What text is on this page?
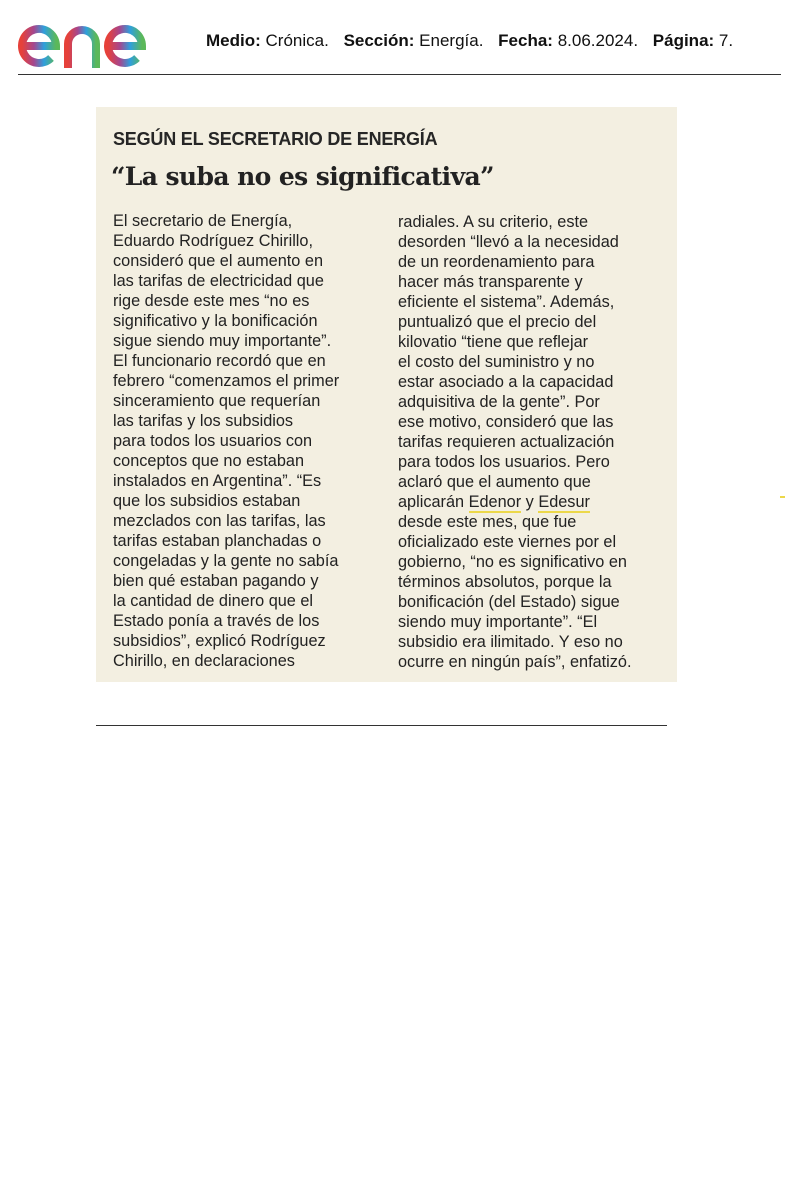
Medio: Crónica. Sección: Energía. Fecha: 8.06.2024. Página: 7.
SEGÚN EL SECRETARIO DE ENERGÍA
“La suba no es significativa”
El secretario de Energía,
Eduardo Rodríguez Chirillo,
consideró que el aumento en
las tarifas de electricidad que
rige desde este mes “no es
significativo y la bonificación
sigue siendo muy importante”.
El funcionario recordó que en
febrero “comenzamos el primer
sinceramiento que requerían
las tarifas y los subsidios
para todos los usuarios con
conceptos que no estaban
instalados en Argentina”. “Es
que los subsidios estaban
mezclados con las tarifas, las
tarifas estaban planchadas o
congeladas y la gente no sabía
bien qué estaban pagando y
la cantidad de dinero que el
Estado ponía a través de los
subsidios”, explicó Rodríguez
Chirillo, en declaraciones
radiales. A su criterio, este
desorden “llevó a la necesidad
de un reordenamiento para
hacer más transparente y
eficiente el sistema”. Además,
puntualizó que el precio del
kilovatio “tiene que reflejar
el costo del suministro y no
estar asociado a la capacidad
adquisitiva de la gente”. Por
ese motivo, consideró que las
tarifas requieren actualización
para todos los usuarios. Pero
aclaró que el aumento que
aplicarán Edenor y Edesur
desde este mes, que fue
oficializado este viernes por el
gobierno, “no es significativo en
términos absolutos, porque la
bonificación (del Estado) sigue
siendo muy importante”. “El
subsidio era ilimitado. Y eso no
ocurre en ningún país”, enfatizó.
